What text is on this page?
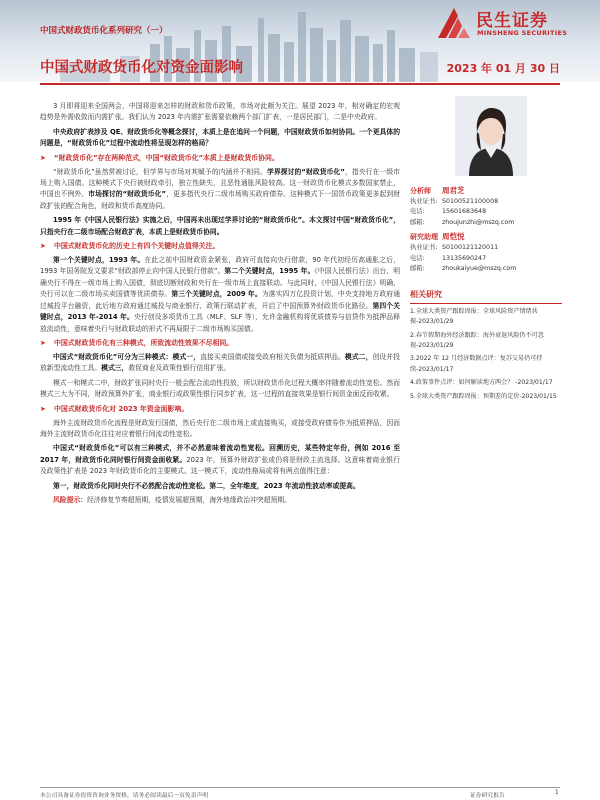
中国式财政货币化系列研究（一）
中国式财政货币化对资金面影响	2023 年 01 月 30 日
民生证券
MINSHENG SECURITIES

3 月即将迎来全国两会，中国将迎来怎样的财政和货币政策，市场对此颇为关注。展望 2023 年，相对确定的宏观趋势是外需收敛而内需扩张。我们认为 2023 年内需扩张需要依赖两个部门扩表，一是居民部门，二是中央政府。

中央政府扩表涉及 QE、财政货币化等概念探讨，本质上是在追问一个问题，中国财政货币如何协同。一个更具体的问题是，“财政货币化”过程中流动性将呈现怎样的格局？

➤	“财政货币化”存在两种范式，中国“财政货币化”本质上是财政货币协同。

“财政货币化”虽然常被讨论，但学界与市场对其赋予的内涵并不相同。学界探讨的“财政货币化”，指央行在一级市场上购入国债。这种模式下央行被财政牵引，独立性缺失，且恶性通胀风险较高。这一财政货币化模式多数国家禁止，中国也不例外。市场探讨的“财政货币化”，更多指代央行二级市场购买政府债券。这种模式下一国货币政策更多起到财政扩张的配合角色，财政和货币高度协同。

1995 年《中国人民银行法》实施之后，中国再未出现过学界讨论的“财政货币化”。本文探讨中国“财政货币化”，只指央行在二级市场配合财政扩表，本质上是财政货币协同。

➤	中国式财政货币化的历史上有四个关键时点值得关注。

第一个关键时点，1993 年。在此之前中国财政资金紧张，政府可直接向央行借款，90 年代初经历高通胀之后，1993 年国务院发文要求“财政部停止向中国人民银行借款”。第二个关键时点，1995 年。《中国人民银行法》出台，明确央行不得在一级市场上购入国债，彻底切断财政和央行在一级市场上直接联动。与此同时，《中国人民银行法》明确，央行可以在二级市场买卖国债等优质债券。第三个关键时点，2009 年。为落实四万亿投资计划，中央支持地方政府通过城投平台融资，此后地方政府通过城投与商业银行、政策行联动扩表，开启了中国预算外财政货币化路径。第四个关键时点，2013 年-2014 年。央行创设多项货币工具（MLF、SLF 等），允许金融机构将优质债券与信贷作为抵押品释放流动性，意味着央行与财政联动的形式不再局限于二级市场购买国债。

➤	中国式财政货币化有三种模式，所致流动性效果不尽相同。

中国式“财政货币化”可分为三种模式：模式一，直接买卖国债或接受政府相关负债为抵质押品。模式二，创设并投放新型流动性工具。模式三，救促商业及政策性银行信用扩张。

模式一和模式二中，财政扩张同时央行一般会配合流动性投放，所以财政货币化过程大概率伴随着流动性宽松。然而模式三大为不同，财政预算外扩张，商业银行或政策性银行同步扩表，这一过程的直接效果是银行间资金面反而收紧。

➤	中国式财政货币化对 2023 年资金面影响。

海外主流财政货币化流程是财政发行国债，然后央行在二级市场上或直接购买，或接受政府债券作为抵质押品，因而海外主流财政货币化往往对应着银行间流动性宽松。

中国式“财政货币化”可以有三种模式，并不必然意味着流动性宽松。回溯历史，某些特定年份，例如 2016 至 2017 年，财政货币化同时银行间资金面收紧。2023 年，预算外财政扩张或仍将是财政主流选择。这意味着商业银行及政策性扩表是 2023 年财政货币化的主要模式。这一模式下，流动性格局或将有两点值得注意：

第一，财政货币化同时央行不必然配合流动性宽松。第二，全年维度，2023 年流动性波动率或提高。

风险提示：经济修复节奏超预期，疫情发展超预期，海外地缘政治冲突超预期。

分析师	周君芝
执业证书: S0100521100008
电话:	15601683648
邮箱:	zhoujunzhi@mszq.com
研究助理 周恺悦
执业证书: S0100121120011
电话:	13135690247
邮箱:	zhoukaiyue@mszq.com
相关研究
1.全球大类资产跟踪周报：全球风险资产情绪共振-2023/01/29
2.春节假期海外经济跟踪：海外衰退风险仍不可忽视-2023/01/29
3.2022 年 12 月经济数据点评：复苏交易仍可持续-2023/01/17
4.政策事件点评：如何解读地方两会？ -2023/01/17
5.全球大类资产跟踪周报：预期差的定价-2023/01/15
本公司具备证券投资咨询业务资格，请务必阅读最后一页免责声明	证券研究报告	1
